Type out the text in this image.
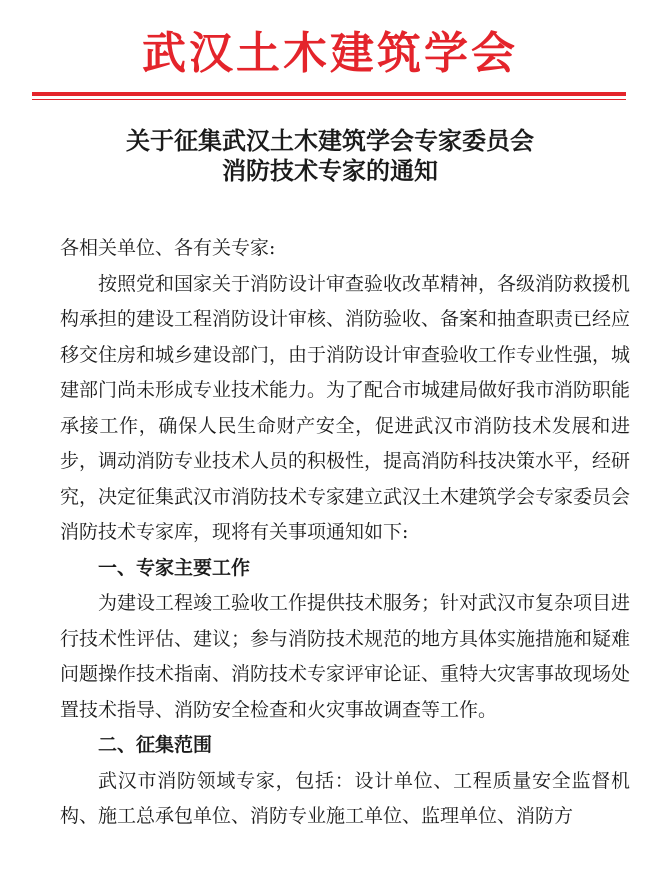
武汉土木建筑学会
关于征集武汉土木建筑学会专家委员会
消防技术专家的通知

各相关单位、各有关专家:

按照党和国家关于消防设计审查验收改革精神，各级消防救援机构承担的建设工程消防设计审核、消防验收、备案和抽查职责已经应移交住房和城乡建设部门，由于消防设计审查验收工作专业性强，城建部门尚未形成专业技术能力。为了配合市城建局做好我市消防职能承接工作，确保人民生命财产安全，促进武汉市消防技术发展和进步，调动消防专业技术人员的积极性，提高消防科技决策水平，经研究，决定征集武汉市消防技术专家建立武汉土木建筑学会专家委员会消防技术专家库，现将有关事项通知如下:

一、专家主要工作

为建设工程竣工验收工作提供技术服务；针对武汉市复杂项目进行技术性评估、建议；参与消防技术规范的地方具体实施措施和疑难问题操作技术指南、消防技术专家评审论证、重特大灾害事故现场处置技术指导、消防安全检查和火灾事故调查等工作。

二、征集范围

武汉市消防领域专家，包括：设计单位、工程质量安全监督机构、施工总承包单位、消防专业施工单位、监理单位、消防方
